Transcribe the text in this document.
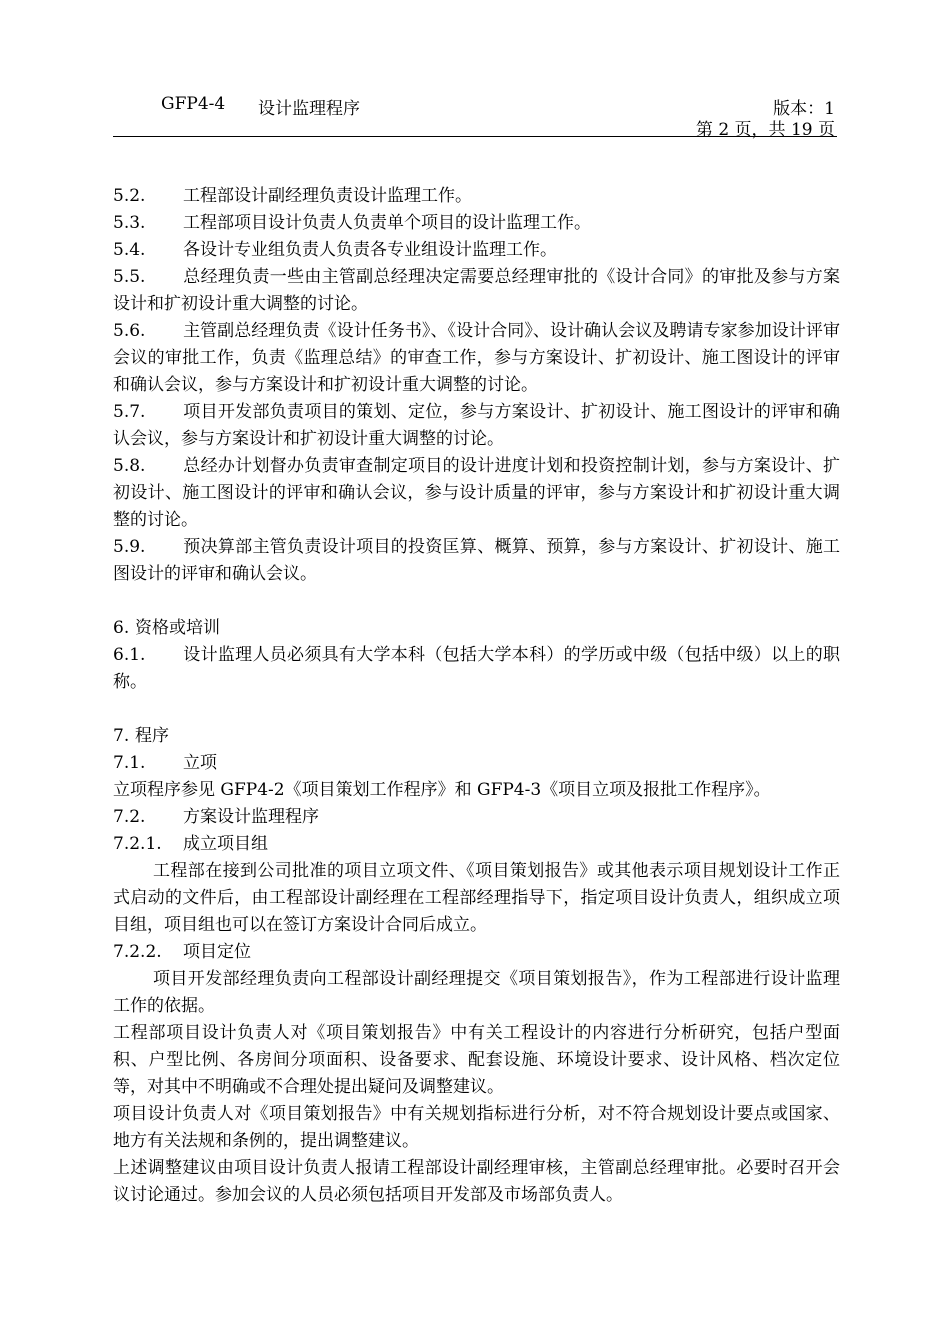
GFP4-4 设计监理程序	版本：1
第 2 页，共 19 页

5.2. 工程部设计副经理负责设计监理工作。

5.3. 工程部项目设计负责人负责单个项目的设计监理工作。

5.4. 各设计专业组负责人负责各专业组设计监理工作。

5.5. 总经理负责一些由主管副总经理决定需要总经理审批的《设计合同》的审批及参与方案设计和扩初设计重大调整的讨论。

5.6. 主管副总经理负责《设计任务书》、《设计合同》、设计确认会议及聘请专家参加设计评审会议的审批工作，负责《监理总结》的审查工作，参与方案设计、扩初设计、施工图设计的评审和确认会议，参与方案设计和扩初设计重大调整的讨论。

5.7. 项目开发部负责项目的策划、定位，参与方案设计、扩初设计、施工图设计的评审和确认会议，参与方案设计和扩初设计重大调整的讨论。

5.8. 总经办计划督办负责审查制定项目的设计进度计划和投资控制计划，参与方案设计、扩初设计、施工图设计的评审和确认会议，参与设计质量的评审，参与方案设计和扩初设计重大调整的讨论。

5.9. 预决算部主管负责设计项目的投资匡算、概算、预算，参与方案设计、扩初设计、施工图设计的评审和确认会议。

6. 资格或培训

6.1. 设计监理人员必须具有大学本科（包括大学本科）的学历或中级（包括中级）以上的职称。

7. 程序

7.1. 立项

立项程序参见 GFP4-2《项目策划工作程序》和 GFP4-3《项目立项及报批工作程序》。

7.2. 方案设计监理程序

7.2.1. 成立项目组

工程部在接到公司批准的项目立项文件、《项目策划报告》或其他表示项目规划设计工作正式启动的文件后，由工程部设计副经理在工程部经理指导下，指定项目设计负责人，组织成立项目组，项目组也可以在签订方案设计合同后成立。

7.2.2. 项目定位

项目开发部经理负责向工程部设计副经理提交《项目策划报告》，作为工程部进行设计监理工作的依据。

工程部项目设计负责人对《项目策划报告》中有关工程设计的内容进行分析研究，包括户型面积、户型比例、各房间分项面积、设备要求、配套设施、环境设计要求、设计风格、档次定位等，对其中不明确或不合理处提出疑问及调整建议。

项目设计负责人对《项目策划报告》中有关规划指标进行分析，对不符合规划设计要点或国家、地方有关法规和条例的，提出调整建议。

上述调整建议由项目设计负责人报请工程部设计副经理审核，主管副总经理审批。必要时召开会议讨论通过。参加会议的人员必须包括项目开发部及市场部负责人。
